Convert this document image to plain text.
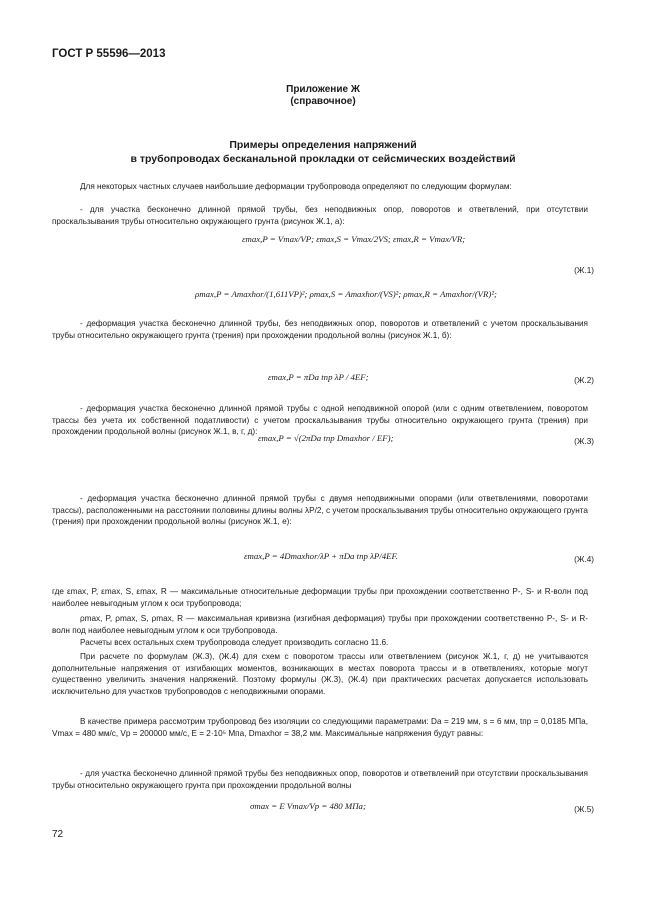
ГОСТ Р 55596—2013
Приложение Ж
(справочное)
Примеры определения напряжений
в трубопроводах бесканальной прокладки от сейсмических воздействий
Для некоторых частных случаев наибольшие деформации трубопровода определяют по следующим формулам:
- для участка бесконечно длинной прямой трубы, без неподвижных опор, поворотов и ответвлений, при отсутствии проскальзывания трубы относительно окружающего грунта (рисунок Ж.1, а):
εmax,P = Vmax/VP; εmax,S = Vmax/2VS; εmax,R = Vmax/VR;
(Ж.1)
ρmax,P = Amaxhor/(1,611VP)²; ρmax,S = Amaxhor/(VS)²; ρmax,R = Amaxhor/(VR)²;
- деформация участка бесконечно длинной трубы, без неподвижных опор, поворотов и ответвлений с учетом проскальзывания трубы относительно окружающего грунта (трения) при прохождении продольной волны (рисунок Ж.1, б):
εmax,P = πDa tпр λP / 4EF;	(Ж.2)
- деформация участка бесконечно длинной прямой трубы с одной неподвижной опорой (или с одним ответвлением, поворотом трассы без учета их собственной податливости) с учетом проскальзывания трубы относительно окружающего грунта (трения) при прохождении продольной волны (рисунок Ж.1, в, г, д):
εmax,P = √(2πDa tпр Dmaxhor / EF);	(Ж.3)
- деформация участка бесконечно длинной прямой трубы с двумя неподвижными опорами (или ответвлениями, поворотами трассы), расположенными на расстоянии половины длины волны λP/2, с учетом проскальзывания трубы относительно окружающего грунта (трения) при прохождении продольной волны (рисунок Ж.1, е):
εmax,P = 4Dmaxhor/λP + πDa tпр λP/4EF.	(Ж.4)
где εmax, P, εmax, S, εmax, R — максимальные относительные деформации трубы при прохождении соответственно P-, S- и R-волн под наиболее невыгодным углом к оси трубопровода;
ρmax, P, ρmax, S, ρmax, R — максимальная кривизна (изгибная деформация) трубы при прохождении соответственно P-, S- и R-волн под наиболее невыгодным углом к оси трубопровода.
Расчеты всех остальных схем трубопровода следует производить согласно 11.6.
При расчете по формулам (Ж.3), (Ж.4) для схем с поворотом трассы или ответвлением (рисунок Ж.1, г, д) не учитываются дополнительные напряжения от изгибающих моментов, возникающих в местах поворота трассы и в ответвлениях, которые могут существенно увеличить значения напряжений. Поэтому формулы (Ж.3), (Ж.4) при практических расчетах допускается использовать исключительно для участков трубопроводов с неподвижными опорами.
В качестве примера рассмотрим трубопровод без изоляции со следующими параметрами: Da = 219 мм, s = 6 мм, tпр = 0,0185 МПа, Vmax = 480 мм/с, Vp = 200000 мм/с, E = 2·10⁵ Мпа, Dmaxhor = 38,2 мм. Максимальные напряжения будут равны:
- для участка бесконечно длинной прямой трубы без неподвижных опор, поворотов и ответвлений при отсутствии проскальзывания трубы относительно окружающего грунта при прохождении продольной волны
σmax = E Vmax/Vp = 480 МПа;	(Ж.5)
72
